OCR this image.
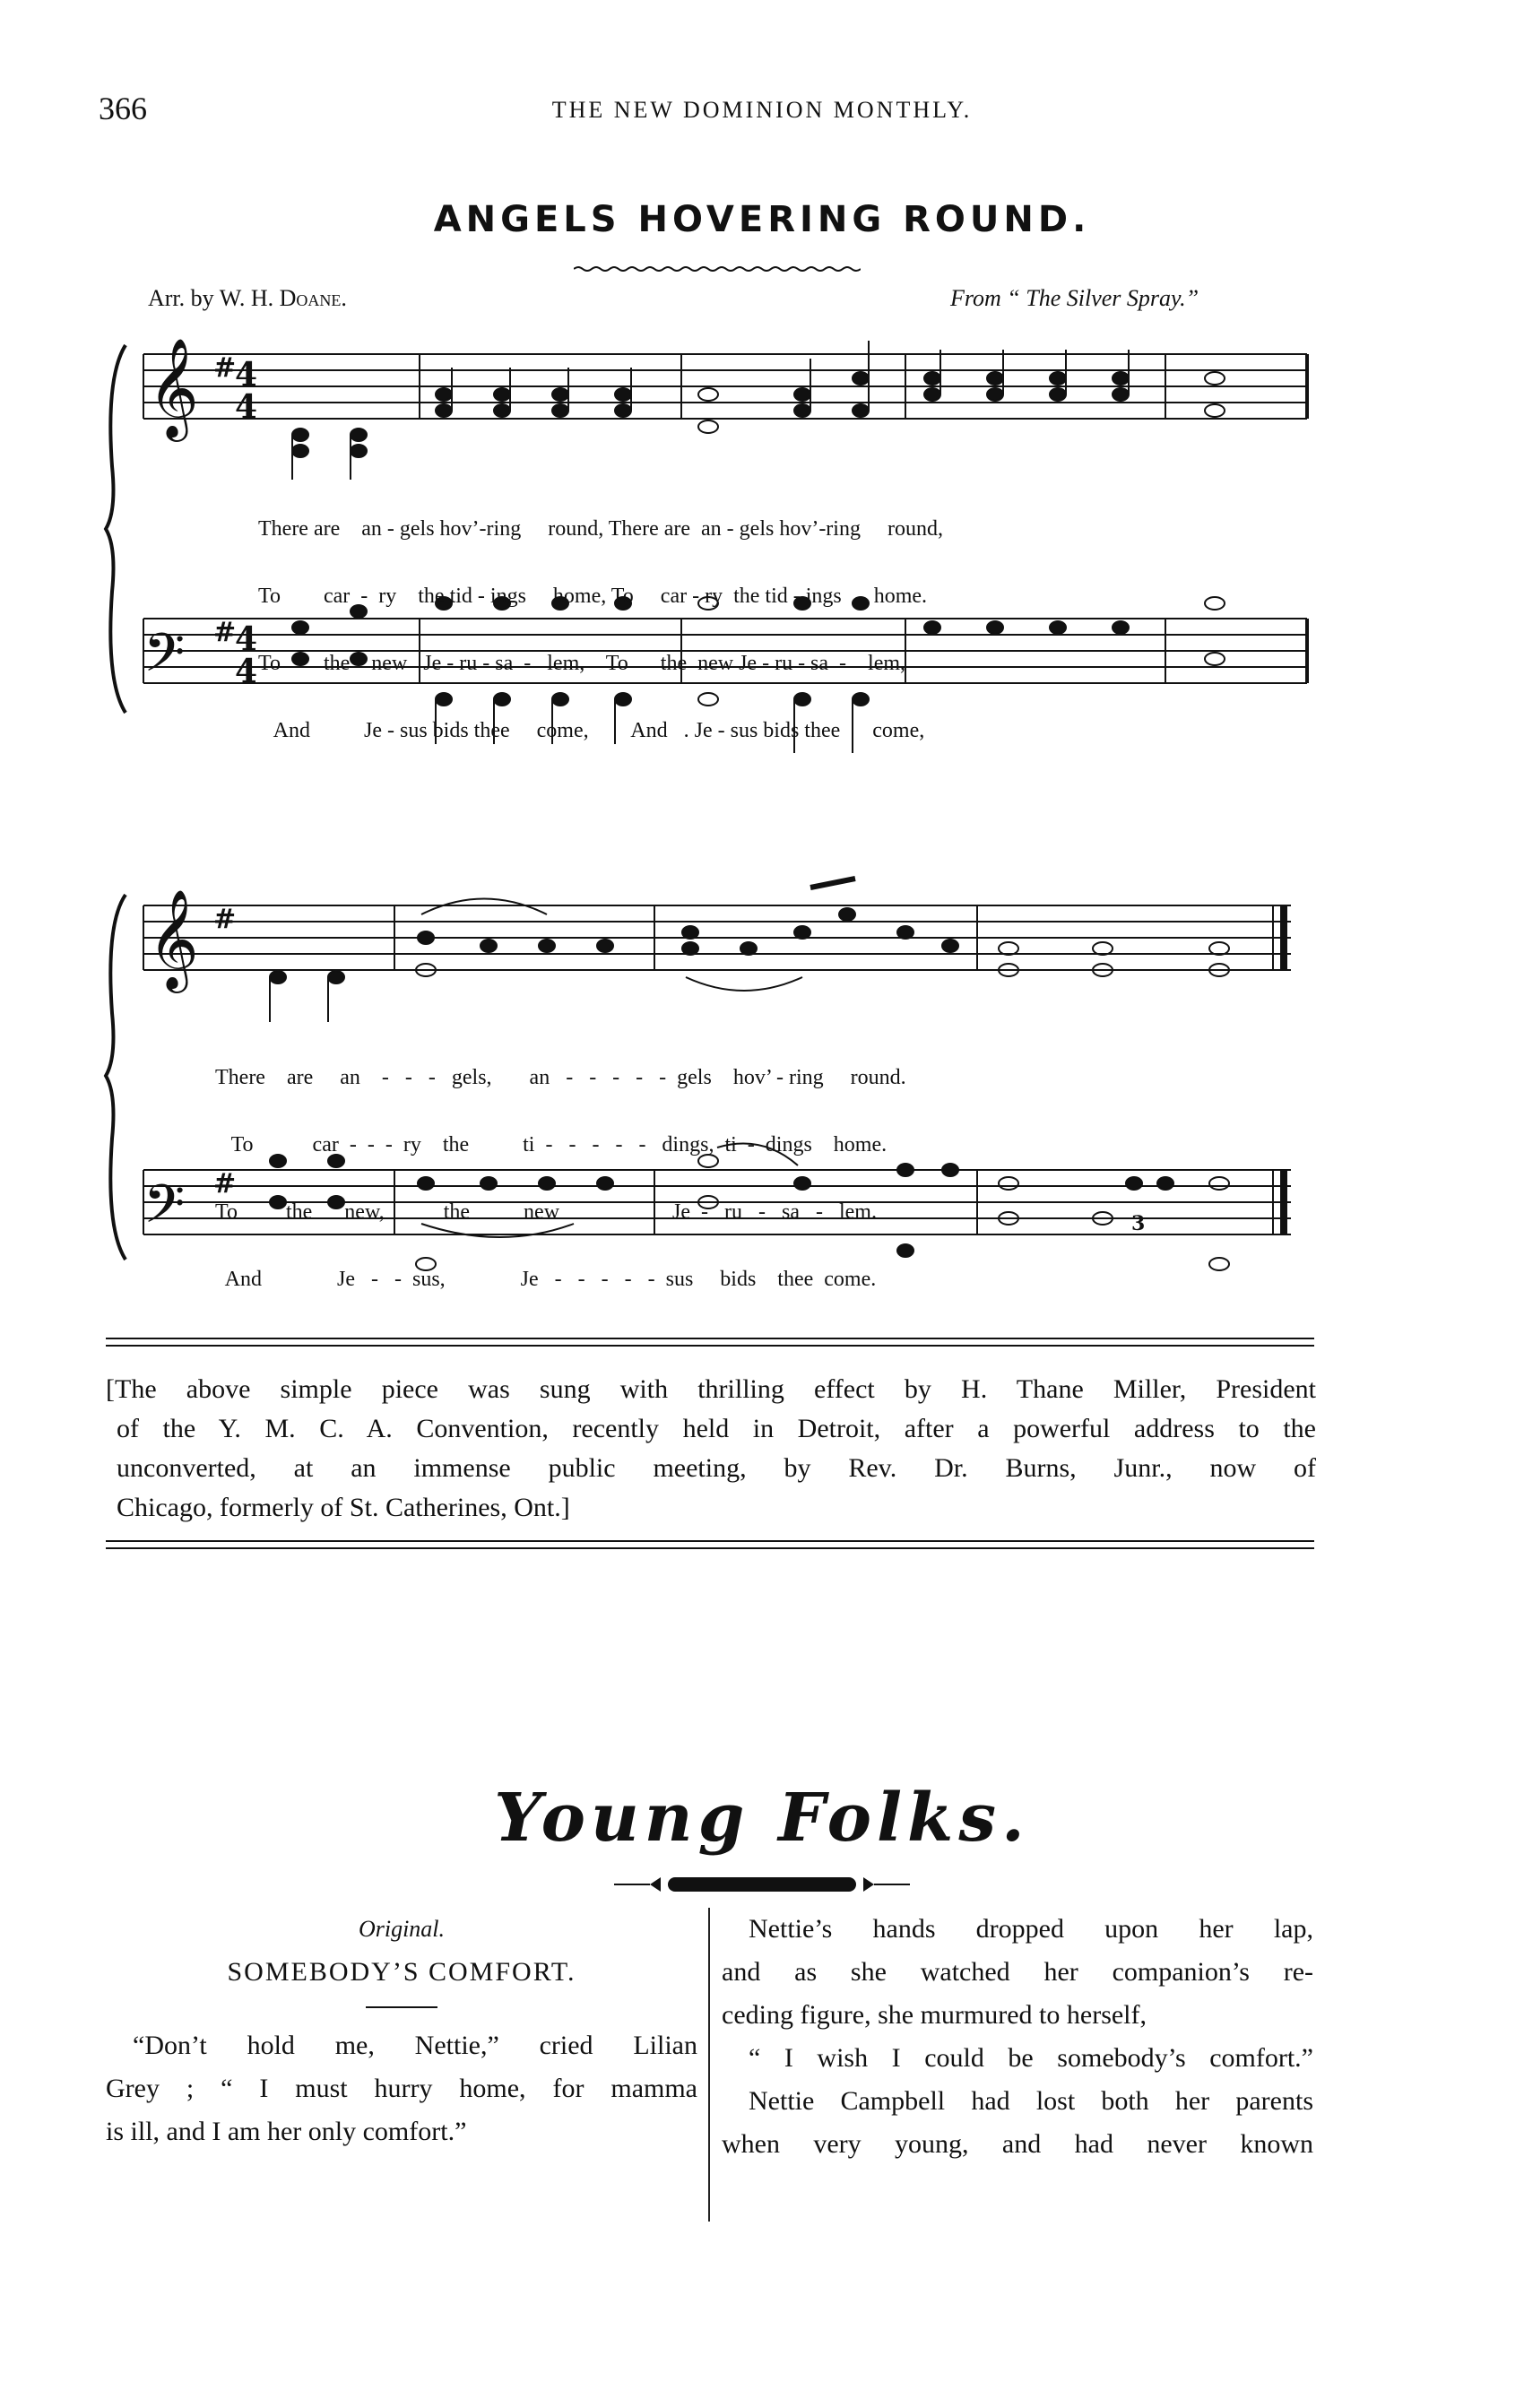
366	THE NEW DOMINION MONTHLY.
ANGELS HOVERING ROUND.
Arr. by W. H. Doane.	From “ The Silver Spray.”
𝄞
𝄢
#
#
4
4
4
4
𝄞
𝄢
#
#
3

There are    an - gels hov’-ring     round, There are  an - gels hov’-ring     round,

To        car  -  ry    the tid - ings     home, To     car - ry  the tid - ings      home.

To        the    new   Je - ru - sa  -   lem,    To      the  new Je - ru - sa  -    lem,

And          Je - sus bids thee     come,        And   . Je - sus bids thee      come,

There    are     an    -   -   -   gels,       an   -   -   -   -   -  gels    hov’ - ring     round.

To           car  -  -  -  ry    the          ti  -   -   -   -   -   dings,  ti  -  dings    home.

To         the      new,           the          new                     Je  -   ru   -   sa   -   lem.

And              Je   -   -  sus,              Je   -   -   -   -   -  sus     bids    thee  come.

[The above simple piece was sung with thrilling effect by H. Thane Miller, President

of the Y. M. C. A. Convention, recently held in Detroit, after a powerful address to the

unconverted, at an immense public meeting, by Rev. Dr. Burns, Junr., now of

Chicago, formerly of St. Catherines, Ont.]

Young Folks.
Original.
SOMEBODY’S COMFORT.
“Don’t hold me, Nettie,” cried Lilian
Grey ; “ I must hurry home, for mamma
is ill, and I am her only comfort.”
Nettie’s hands dropped upon her lap,
and as she watched her companion’s re-
ceding figure, she murmured to herself,
“ I wish I could be somebody’s comfort.”
Nettie Campbell had lost both her parents
when very young, and had never known
